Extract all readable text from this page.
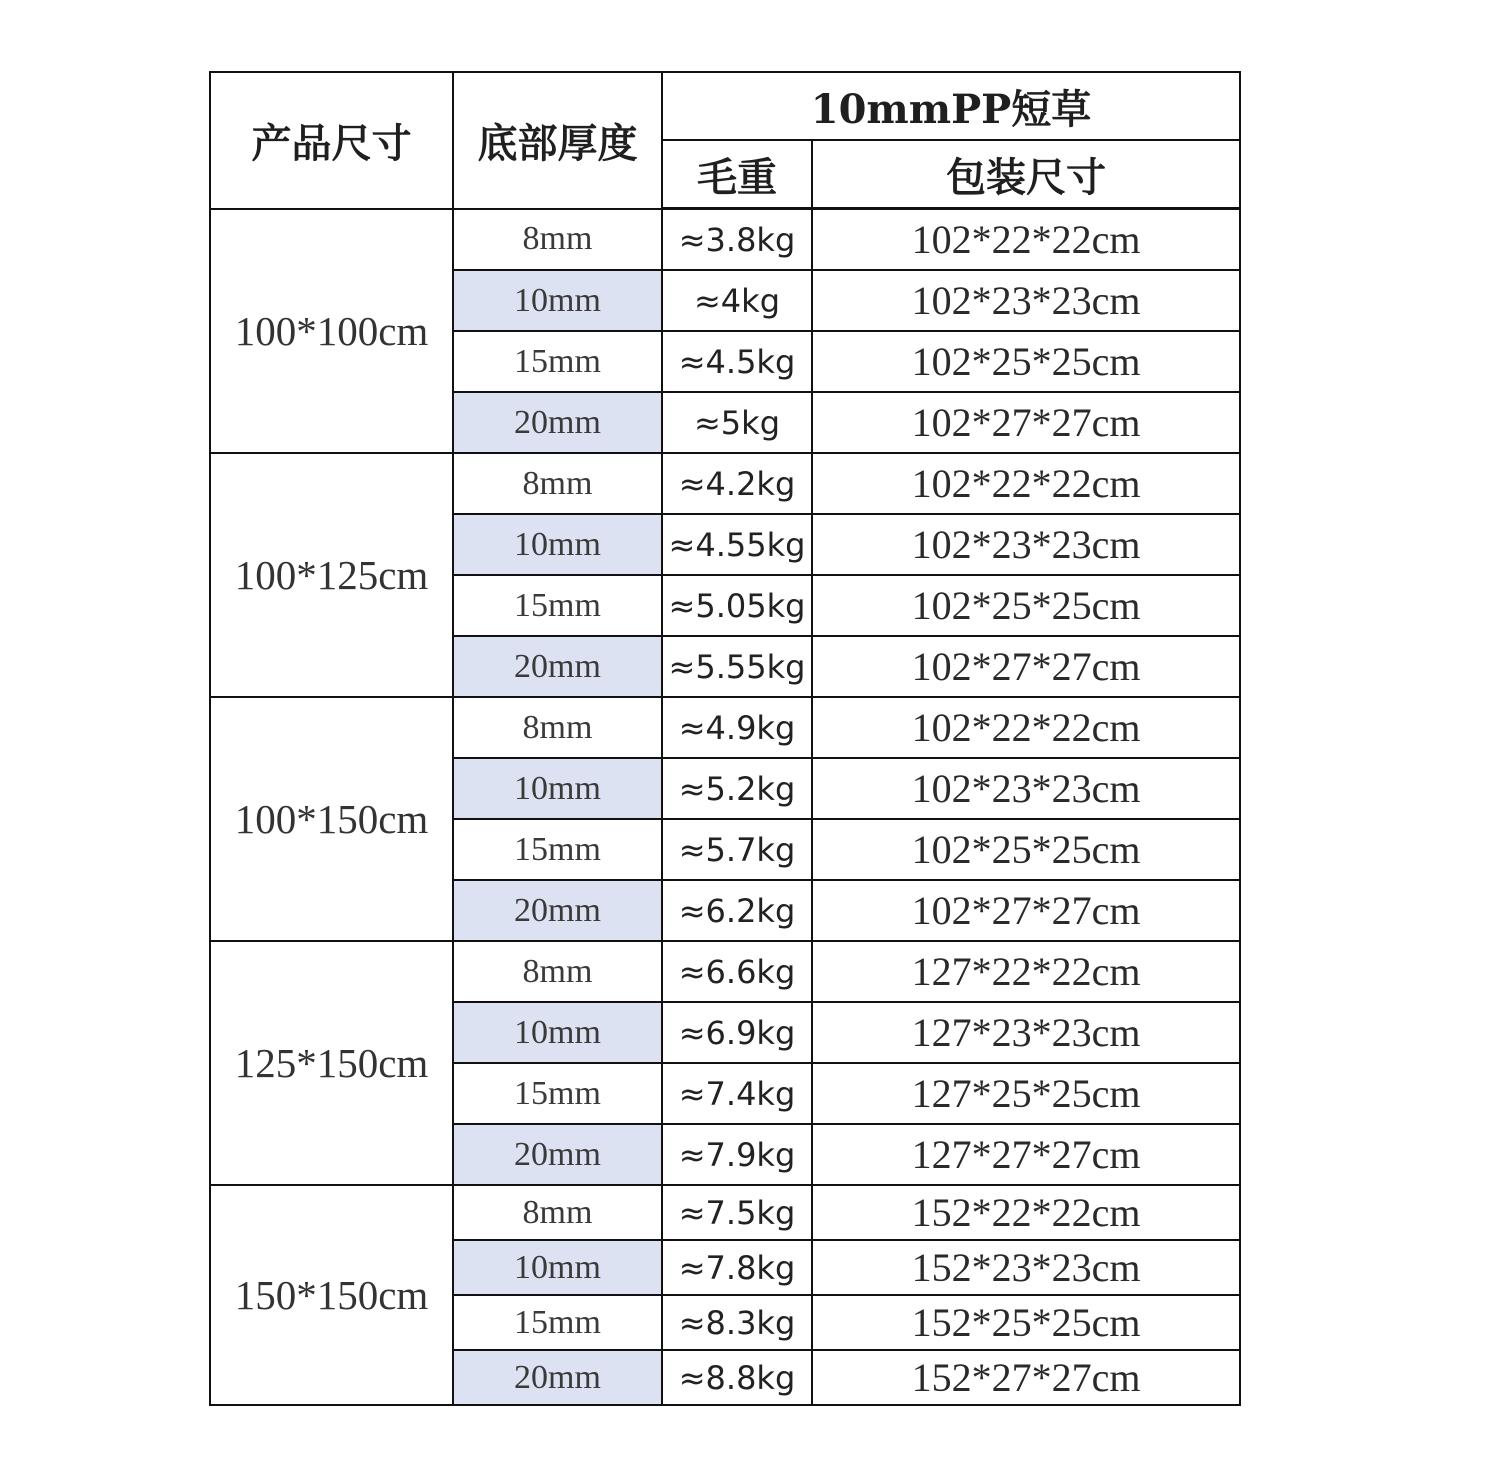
产品尺寸	底部厚度	10mmPP短草	
		毛重	包装尺寸
100*100cm	8mm	≈3.8kg	102*22*22cm
	10mm	≈4kg	102*23*23cm
	15mm	≈4.5kg	102*25*25cm
	20mm	≈5kg	102*27*27cm
100*125cm	8mm	≈4.2kg	102*22*22cm
	10mm	≈4.55kg	102*23*23cm
	15mm	≈5.05kg	102*25*25cm
	20mm	≈5.55kg	102*27*27cm
100*150cm	8mm	≈4.9kg	102*22*22cm
	10mm	≈5.2kg	102*23*23cm
	15mm	≈5.7kg	102*25*25cm
	20mm	≈6.2kg	102*27*27cm
125*150cm	8mm	≈6.6kg	127*22*22cm
	10mm	≈6.9kg	127*23*23cm
	15mm	≈7.4kg	127*25*25cm
	20mm	≈7.9kg	127*27*27cm
150*150cm	8mm	≈7.5kg	152*22*22cm
	10mm	≈7.8kg	152*23*23cm
	15mm	≈8.3kg	152*25*25cm
	20mm	≈8.8kg	152*27*27cm
